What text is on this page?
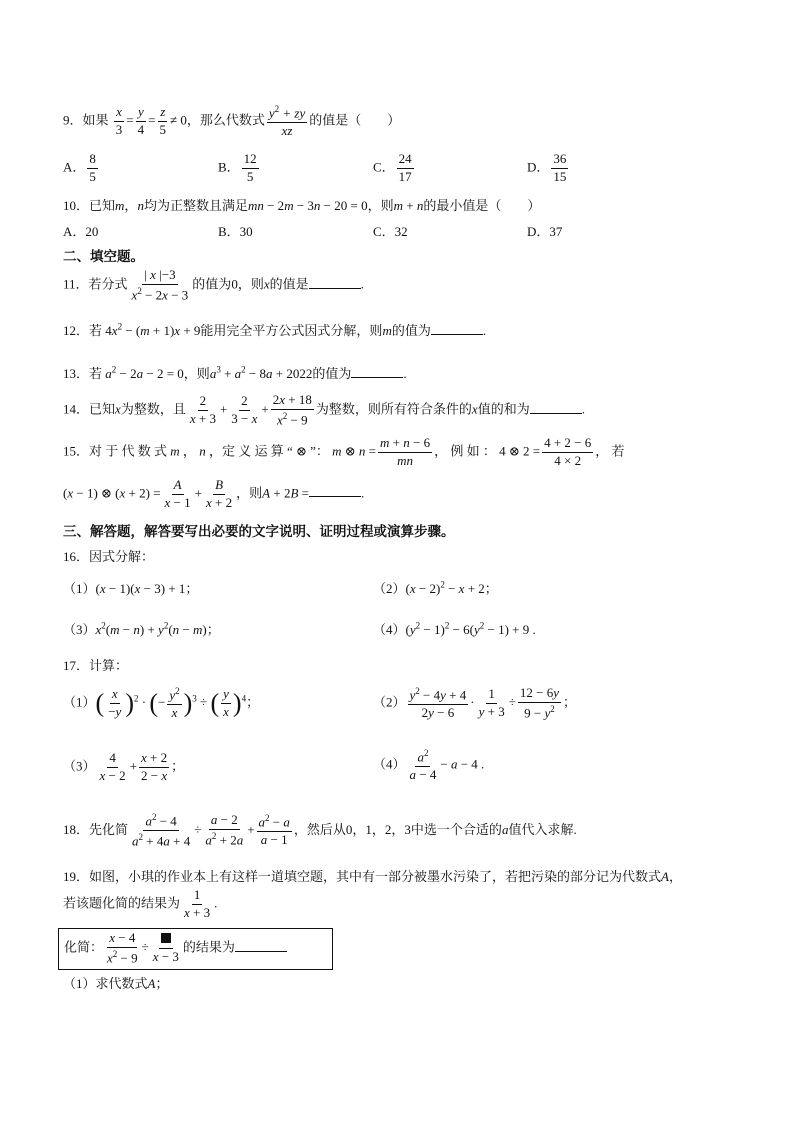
9．如果 $\frac{x}{3} = \frac{y}{4} = \frac{z}{5} \ne 0$，那么代数式 $\frac{y^2 + zy}{xz}$ 的值是（　　）
A． $\frac{8}{5}$	B． $\frac{12}{5}$	C． $\frac{24}{17}$	D． $\frac{36}{15}$
10．已知m，n均为正整数且满足mn − 2m − 3n − 20 = 0，则m + n的最小值是（　　）
A．20	B．30	C．32	D．37
二、填空题。
11．若分式 $\frac{| x |-3}{x^2 - 2x - 3}$ 的值为0，则x的值是	.
12．若 $4x^2 - (m + 1)x + 9$能用完全平方公式因式分解，则m的值为	.
13．若 $a^2 - 2a - 2 = 0$，则$a^3 + a^2 - 8a + 2022$的值为	.
14．已知x为整数，且 $\frac{2}{x + 3} + \frac{2}{3 - x} + \frac{2x + 18}{x^2 - 9}$ 为整数，则所有符合条件的x值的和为	.
15．对 于 代 数 式 m ， n ，定 义 运 算 “ ⊗ ”： m ⊗ $n = \frac{m + n - 6}{mn}$ ， 例 如 ： 4 ⊗ $2 = \frac{4 + 2 - 6}{4 \times 2}$ ， 若
(x − 1) ⊗ $(x + 2) = \frac{A}{x - 1} + \frac{B}{x + 2}$ ，则A + 2B =	.
三、解答题，解答要写出必要的文字说明、证明过程或演算步骤。
16．因式分解：
（1）(x − 1)(x − 3) + 1；	$(2)(x - 2)^2 - x + 2$；
$(3)x^2(m - n) + y^2(n - m)$；	$(4)(y^2 - 1)^2 - 6(y^2 - 1) + 9$ .
17．计算：
$(1)( \frac{x}{-y} )^2$ · (− $\frac{y^2}{x} )^3$ ÷ ( $\frac{y}{x} )^4$；	$(2) \frac{y^2 - 4y + 4}{2y - 6} \cdot \frac{1}{y + 3} \div \frac{12 - 6y}{9 - y^2}$ ；
$(3) \frac{4}{x - 2} + \frac{x + 2}{2 - x}$ ；	$(4) \frac{a^2}{a - 4} - a - 4$ .
18．先化简 $\frac{a^2 - 4}{a^2 + 4a + 4} \div \frac{a - 2}{a^2 + 2a} + \frac{a^2 - a}{a - 1}$ ，然后从0，1，2，3中选一个合适的a值代入求解.
19．如图，小琪的作业本上有这样一道填空题，其中有一部分被墨水污染了，若把污染的部分记为代数式A，
若该题化简的结果为 $\frac{1}{x + 3}$ .
化简： $\frac{x - 4}{x^2 - 9}$ ÷
x − 3
的结果为
（1）求代数式A；
